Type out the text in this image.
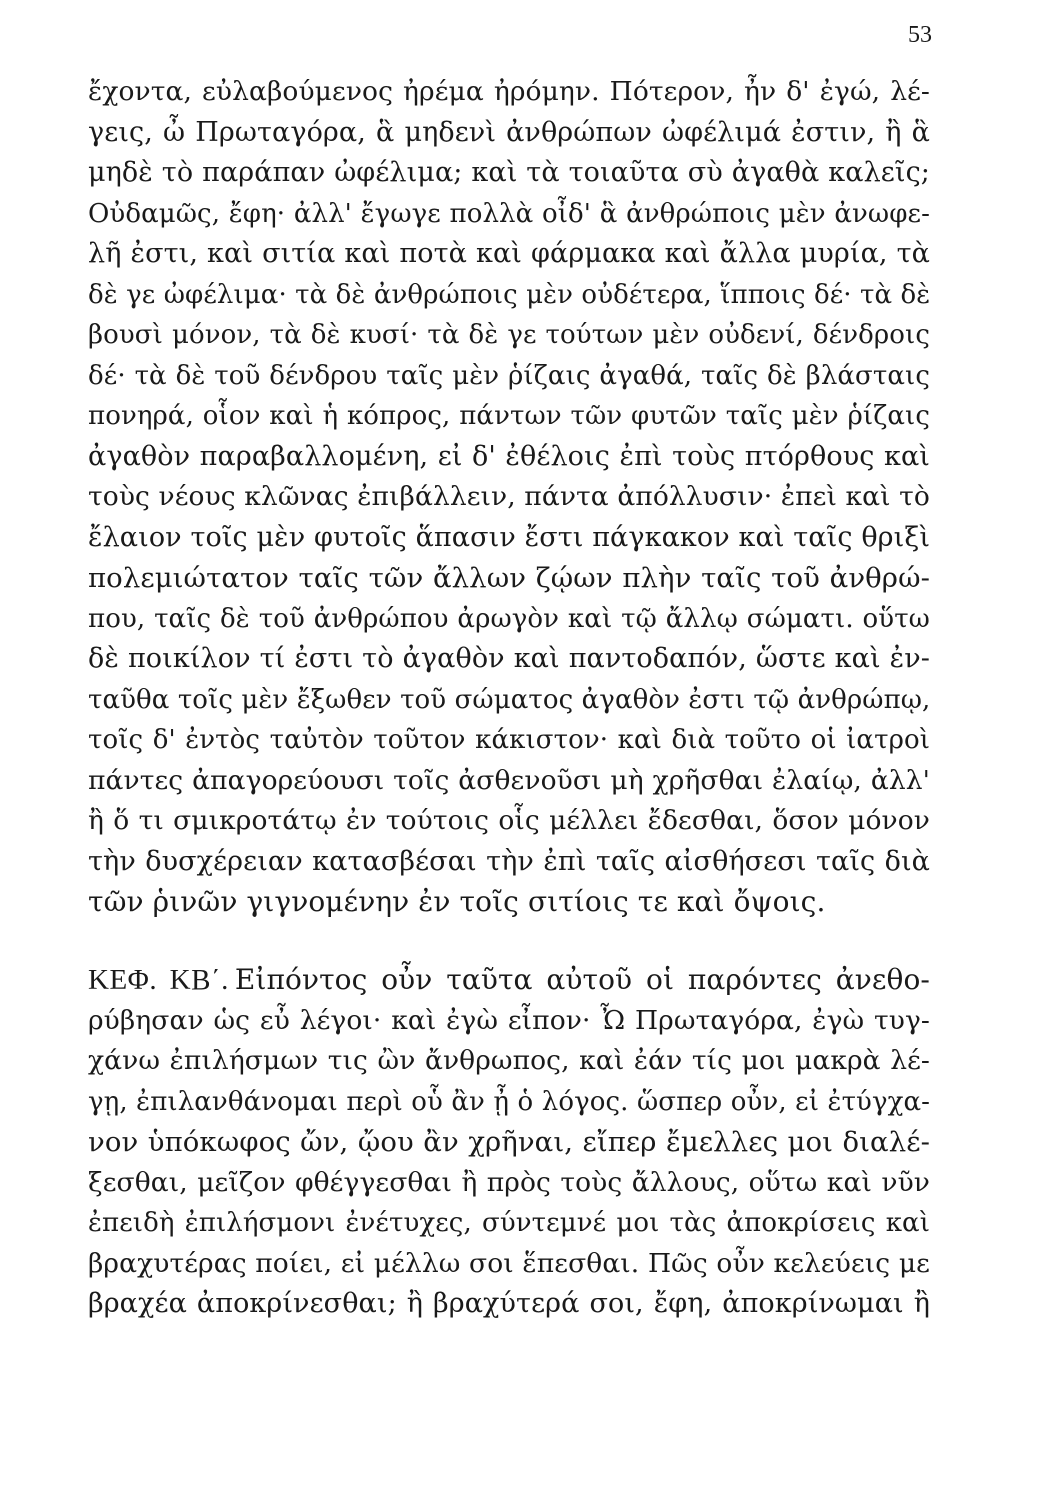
53
ἔχοντα, εὐλαβούμενος ἠρέμα ἠρόμην. Πότερον, ἦν δ' ἐγώ, λέ-
γεις, ὦ Πρωταγόρα, ἃ μηδενὶ ἀνθρώπων ὠφέλιμά ἐστιν, ἢ ἃ
μηδὲ τὸ παράπαν ὠφέλιμα; καὶ τὰ τοιαῦτα σὺ ἀγαθὰ καλεῖς;
Οὐδαμῶς, ἔφη· ἀλλ' ἔγωγε πολλὰ οἶδ' ἃ ἀνθρώποις μὲν ἀνωφε-
λῆ ἐστι, καὶ σιτία καὶ ποτὰ καὶ φάρμακα καὶ ἄλλα μυρία, τὰ
δὲ γε ὠφέλιμα· τὰ δὲ ἀνθρώποις μὲν οὐδέτερα, ἵπποις δέ· τὰ δὲ
βουσὶ μόνον, τὰ δὲ κυσί· τὰ δὲ γε τούτων μὲν οὐδενί, δένδροις
δέ· τὰ δὲ τοῦ δένδρου ταῖς μὲν ῥίζαις ἀγαθά, ταῖς δὲ βλάσταις
πονηρά, οἷον καὶ ἡ κόπρος, πάντων τῶν φυτῶν ταῖς μὲν ῥίζαις
ἀγαθὸν παραβαλλομένη, εἰ δ' ἐθέλοις ἐπὶ τοὺς πτόρθους καὶ
τοὺς νέους κλῶνας ἐπιβάλλειν, πάντα ἀπόλλυσιν· ἐπεὶ καὶ τὸ
ἔλαιον τοῖς μὲν φυτοῖς ἅπασιν ἔστι πάγκακον καὶ ταῖς θριξὶ
πολεμιώτατον ταῖς τῶν ἄλλων ζῴων πλὴν ταῖς τοῦ ἀνθρώ-
που, ταῖς δὲ τοῦ ἀνθρώπου ἀρωγὸν καὶ τῷ ἄλλῳ σώματι. οὕτω
δὲ ποικίλον τί ἐστι τὸ ἀγαθὸν καὶ παντοδαπόν, ὥστε καὶ ἐν-
ταῦθα τοῖς μὲν ἔξωθεν τοῦ σώματος ἀγαθὸν ἐστι τῷ ἀνθρώπῳ,
τοῖς δ' ἐντὸς ταὐτὸν τοῦτον κάκιστον· καὶ διὰ τοῦτο οἱ ἰατροὶ
πάντες ἀπαγορεύουσι τοῖς ἀσθενοῦσι μὴ χρῆσθαι ἐλαίῳ, ἀλλ'
ἢ ὅ τι σμικροτάτῳ ἐν τούτοις οἷς μέλλει ἔδεσθαι, ὅσον μόνον
τὴν δυσχέρειαν κατασβέσαι τὴν ἐπὶ ταῖς αἰσθήσεσι ταῖς διὰ
τῶν ῥινῶν γιγνομένην ἐν τοῖς σιτίοις τε καὶ ὄψοις.
ΚΕΦ. ΚΒ΄. Εἰπόντος οὖν ταῦτα αὐτοῦ οἱ παρόντες ἀνεθο-
ρύβησαν ὡς εὖ λέγοι· καὶ ἐγὼ εἶπον· Ὦ Πρωταγόρα, ἐγὼ τυγ-
χάνω ἐπιλήσμων τις ὢν ἄνθρωπος, καὶ ἐάν τίς μοι μακρὰ λέ-
γῃ, ἐπιλανθάνομαι περὶ οὗ ἂν ᾖ ὁ λόγος. ὥσπερ οὖν, εἰ ἐτύγχα-
νον ὑπόκωφος ὤν, ᾤου ἂν χρῆναι, εἴπερ ἔμελλες μοι διαλέ-
ξεσθαι, μεῖζον φθέγγεσθαι ἢ πρὸς τοὺς ἄλλους, οὕτω καὶ νῦν
ἐπειδὴ ἐπιλήσμονι ἐνέτυχες, σύντεμνέ μοι τὰς ἀποκρίσεις καὶ
βραχυτέρας ποίει, εἰ μέλλω σοι ἕπεσθαι. Πῶς οὖν κελεύεις με
βραχέα ἀποκρίνεσθαι; ἢ βραχύτερά σοι, ἔφη, ἀποκρίνωμαι ἢ
